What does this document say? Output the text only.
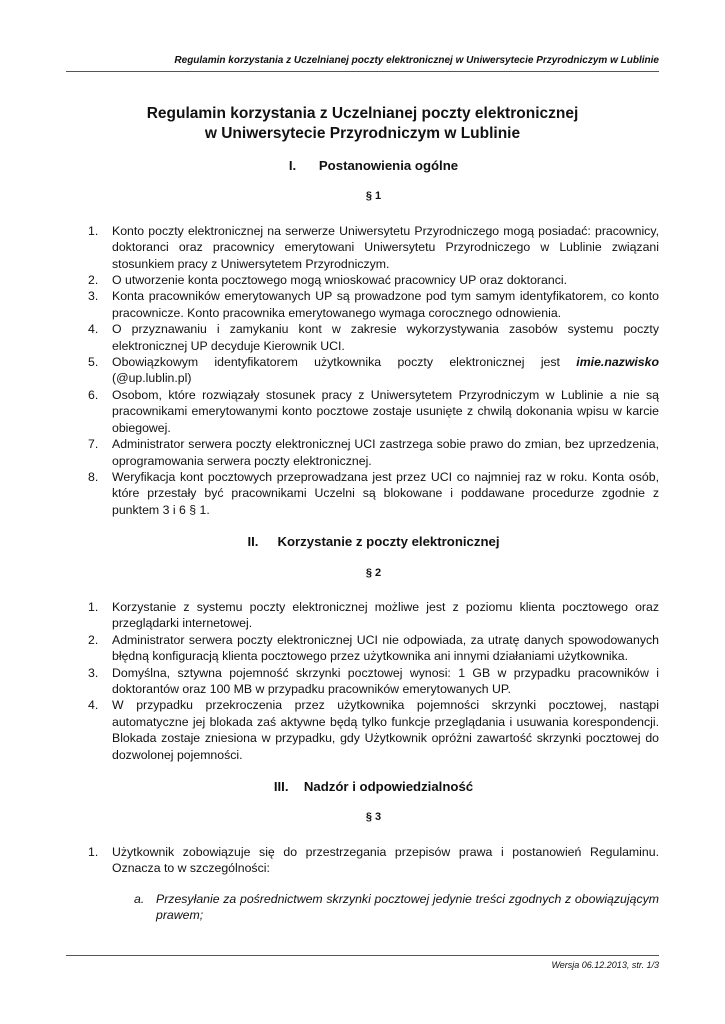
Regulamin korzystania z Uczelnianej poczty elektronicznej w Uniwersytecie Przyrodniczym w Lublinie
Regulamin korzystania z Uczelnianej poczty elektronicznej
w Uniwersytecie Przyrodniczym w Lublinie
I.	Postanowienia ogólne
§ 1
1. Konto poczty elektronicznej na serwerze Uniwersytetu Przyrodniczego mogą posiadać: pracownicy, doktoranci oraz pracownicy emerytowani Uniwersytetu Przyrodniczego w Lublinie związani stosunkiem pracy z Uniwersytetem Przyrodniczym.
2. O utworzenie konta pocztowego mogą wnioskować pracownicy UP oraz doktoranci.
3. Konta pracowników emerytowanych UP są prowadzone pod tym samym identyfikatorem, co konto pracownicze. Konto pracownika emerytowanego wymaga corocznego odnowienia.
4. O przyznawaniu i zamykaniu kont w zakresie wykorzystywania zasobów systemu poczty elektronicznej UP decyduje Kierownik UCI.
5. Obowiązkowym identyfikatorem użytkownika poczty elektronicznej jest imie.nazwisko (@up.lublin.pl)
6. Osobom, które rozwiązały stosunek pracy z Uniwersytetem Przyrodniczym w Lublinie a nie są pracownikami emerytowanymi konto pocztowe zostaje usunięte z chwilą dokonania wpisu w karcie obiegowej.
7. Administrator serwera poczty elektronicznej UCI zastrzega sobie prawo do zmian, bez uprzedzenia, oprogramowania serwera poczty elektronicznej.
8. Weryfikacja kont pocztowych przeprowadzana jest przez UCI co najmniej raz w roku. Konta osób, które przestały być pracownikami Uczelni są blokowane i poddawane procedurze zgodnie z punktem 3 i 6 § 1.
II.	Korzystanie z poczty elektronicznej
§ 2
1. Korzystanie z systemu poczty elektronicznej możliwe jest z poziomu klienta pocztowego oraz przeglądarki internetowej.
2. Administrator serwera poczty elektronicznej UCI nie odpowiada, za utratę danych spowodowanych błędną konfiguracją klienta pocztowego przez użytkownika ani innymi działaniami użytkownika.
3. Domyślna, sztywna pojemność skrzynki pocztowej wynosi: 1 GB w przypadku pracowników i doktorantów oraz 100 MB w przypadku pracowników emerytowanych UP.
4. W przypadku przekroczenia przez użytkownika pojemności skrzynki pocztowej, nastąpi automatyczne jej blokada zaś aktywne będą tylko funkcje przeglądania i usuwania korespondencji. Blokada zostaje zniesiona w przypadku, gdy Użytkownik opróżni zawartość skrzynki pocztowej do dozwolonej pojemności.
III.	Nadzór i odpowiedzialność
§ 3
1. Użytkownik zobowiązuje się do przestrzegania przepisów prawa i postanowień Regulaminu. Oznacza to w szczególności:
a. Przesyłanie za pośrednictwem skrzynki pocztowej jedynie treści zgodnych z obowiązującym prawem;
Wersja 06.12.2013, str. 1/3
